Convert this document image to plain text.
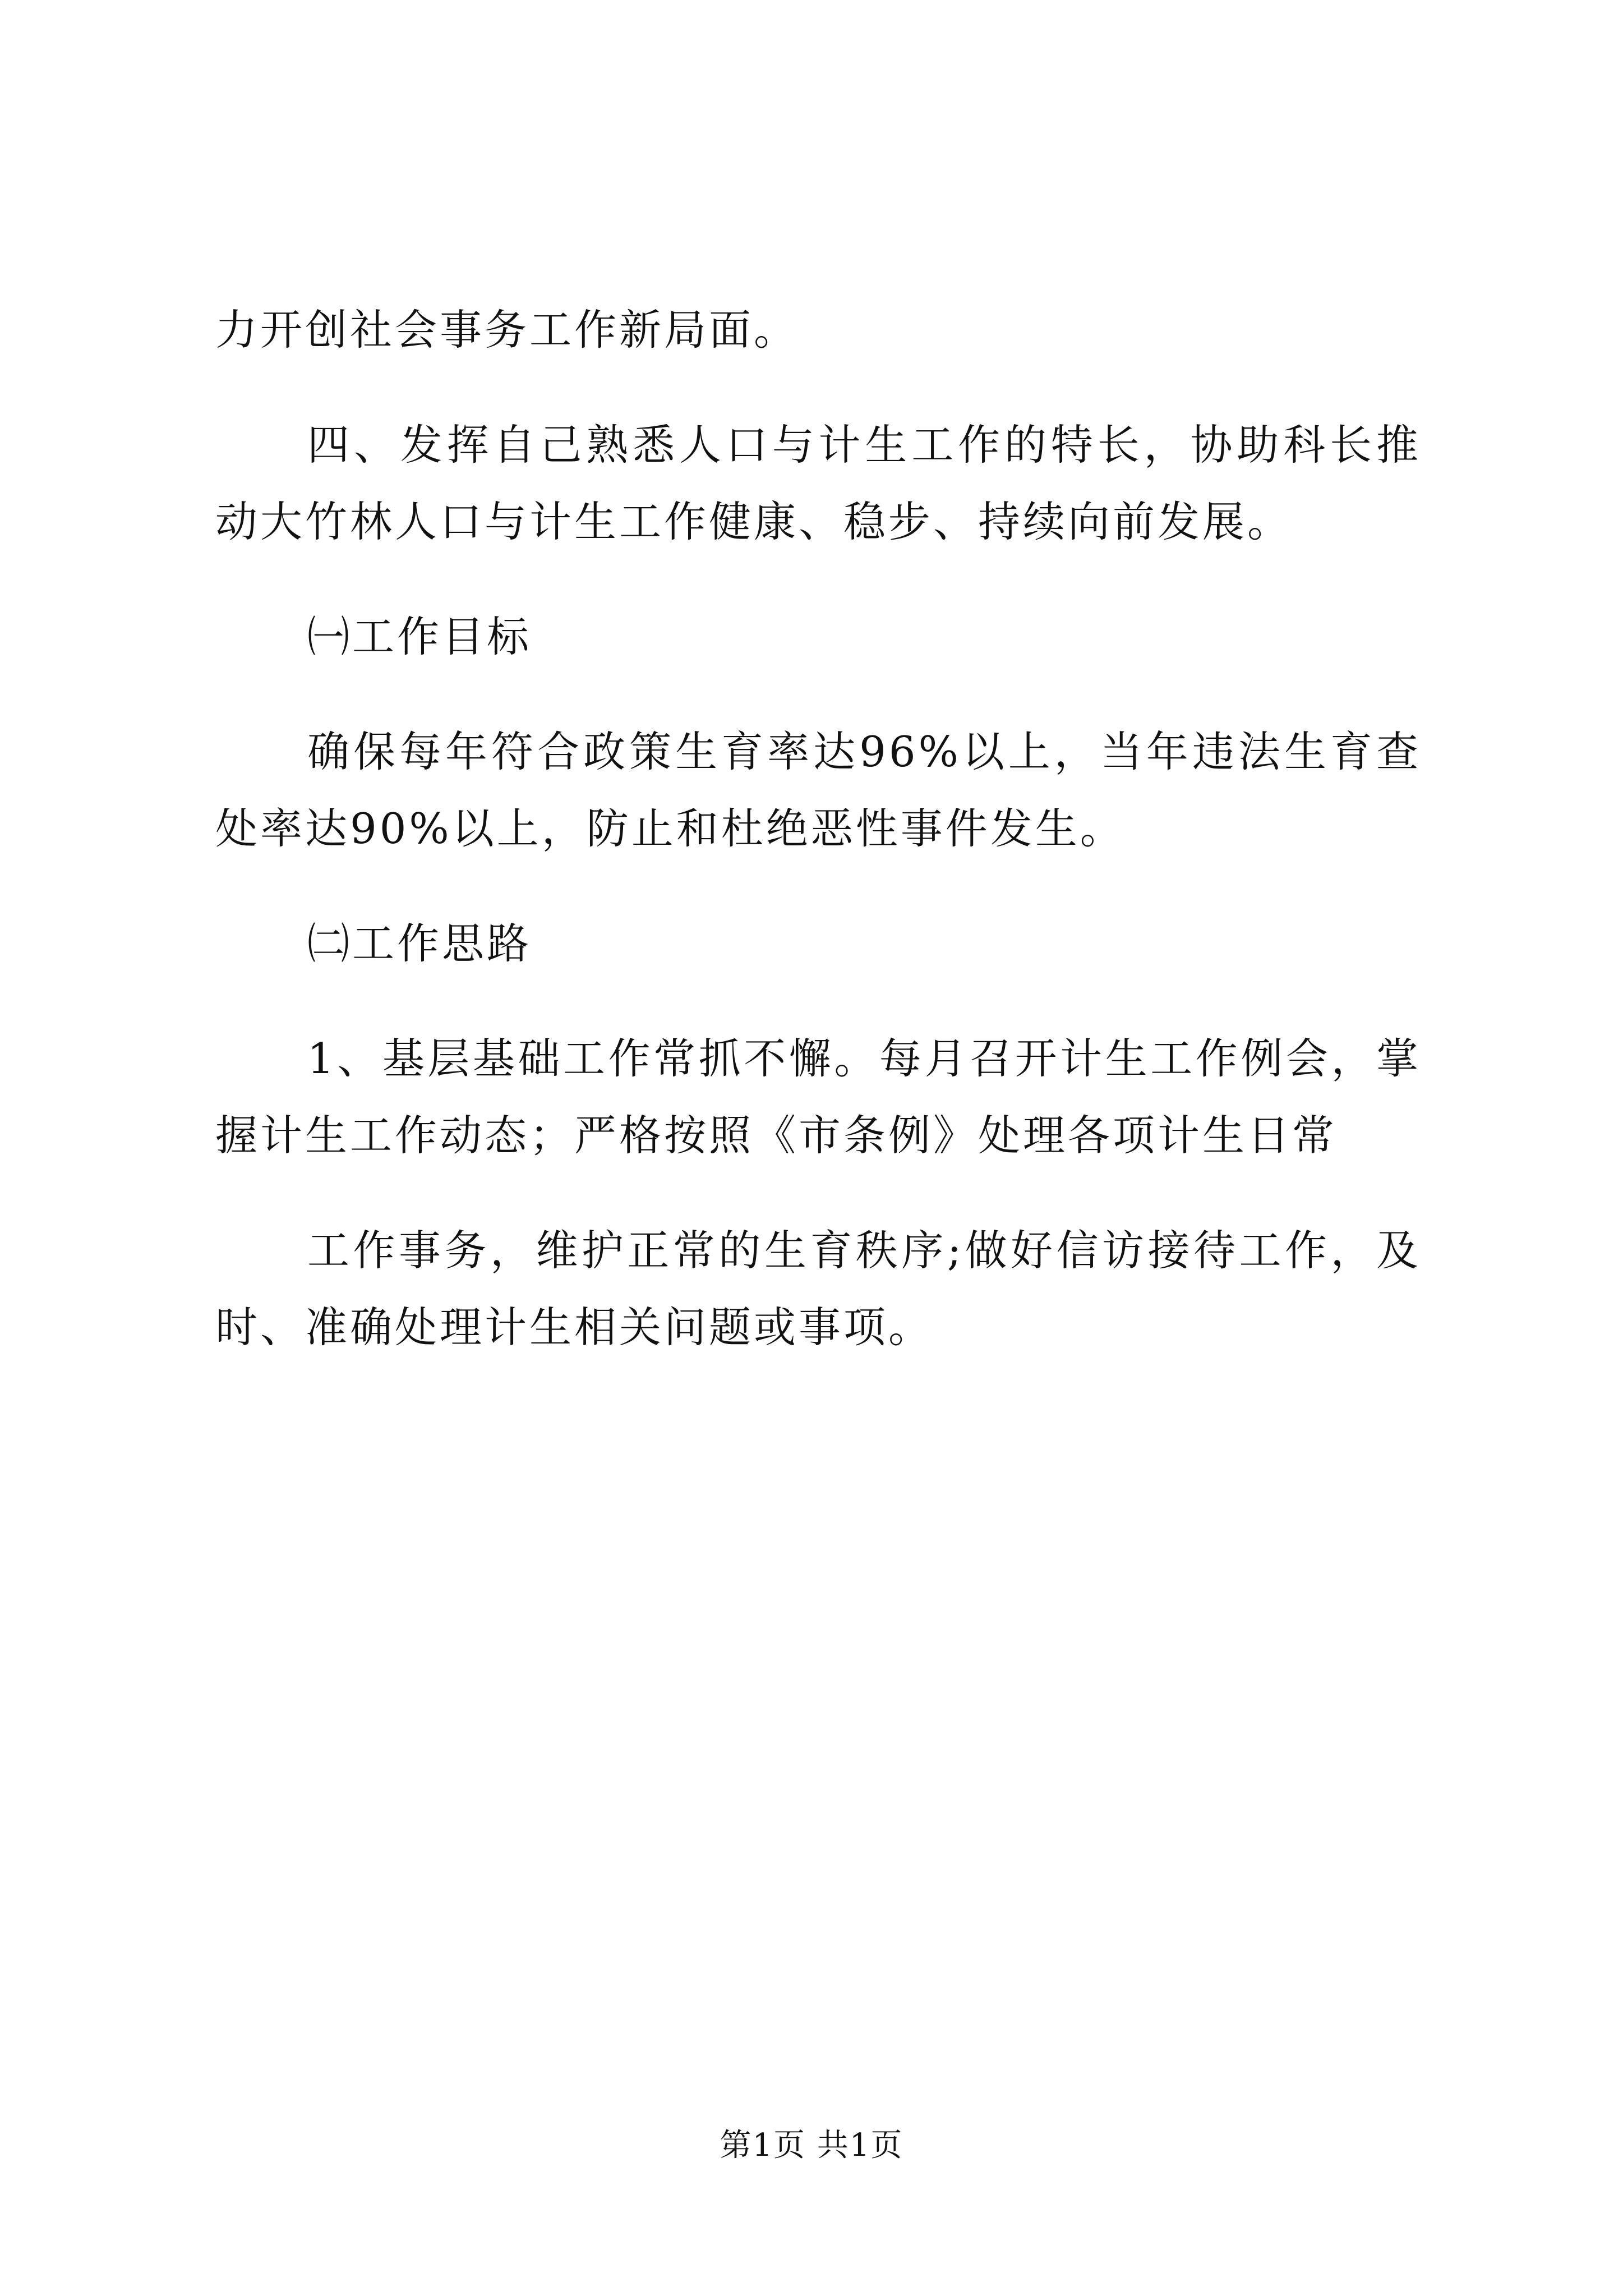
力开创社会事务工作新局面。

四、发挥自己熟悉人口与计生工作的特长，协助科长推动大竹林人口与计生工作健康、稳步、持续向前发展。

㈠工作目标

确保每年符合政策生育率达96%以上，当年违法生育查处率达90%以上，防止和杜绝恶性事件发生。

㈡工作思路

1、基层基础工作常抓不懈。每月召开计生工作例会，掌握计生工作动态；严格按照《市条例》处理各项计生日常

工作事务，维护正常的生育秩序;做好信访接待工作，及时、准确处理计生相关问题或事项。

第1页 共1页
